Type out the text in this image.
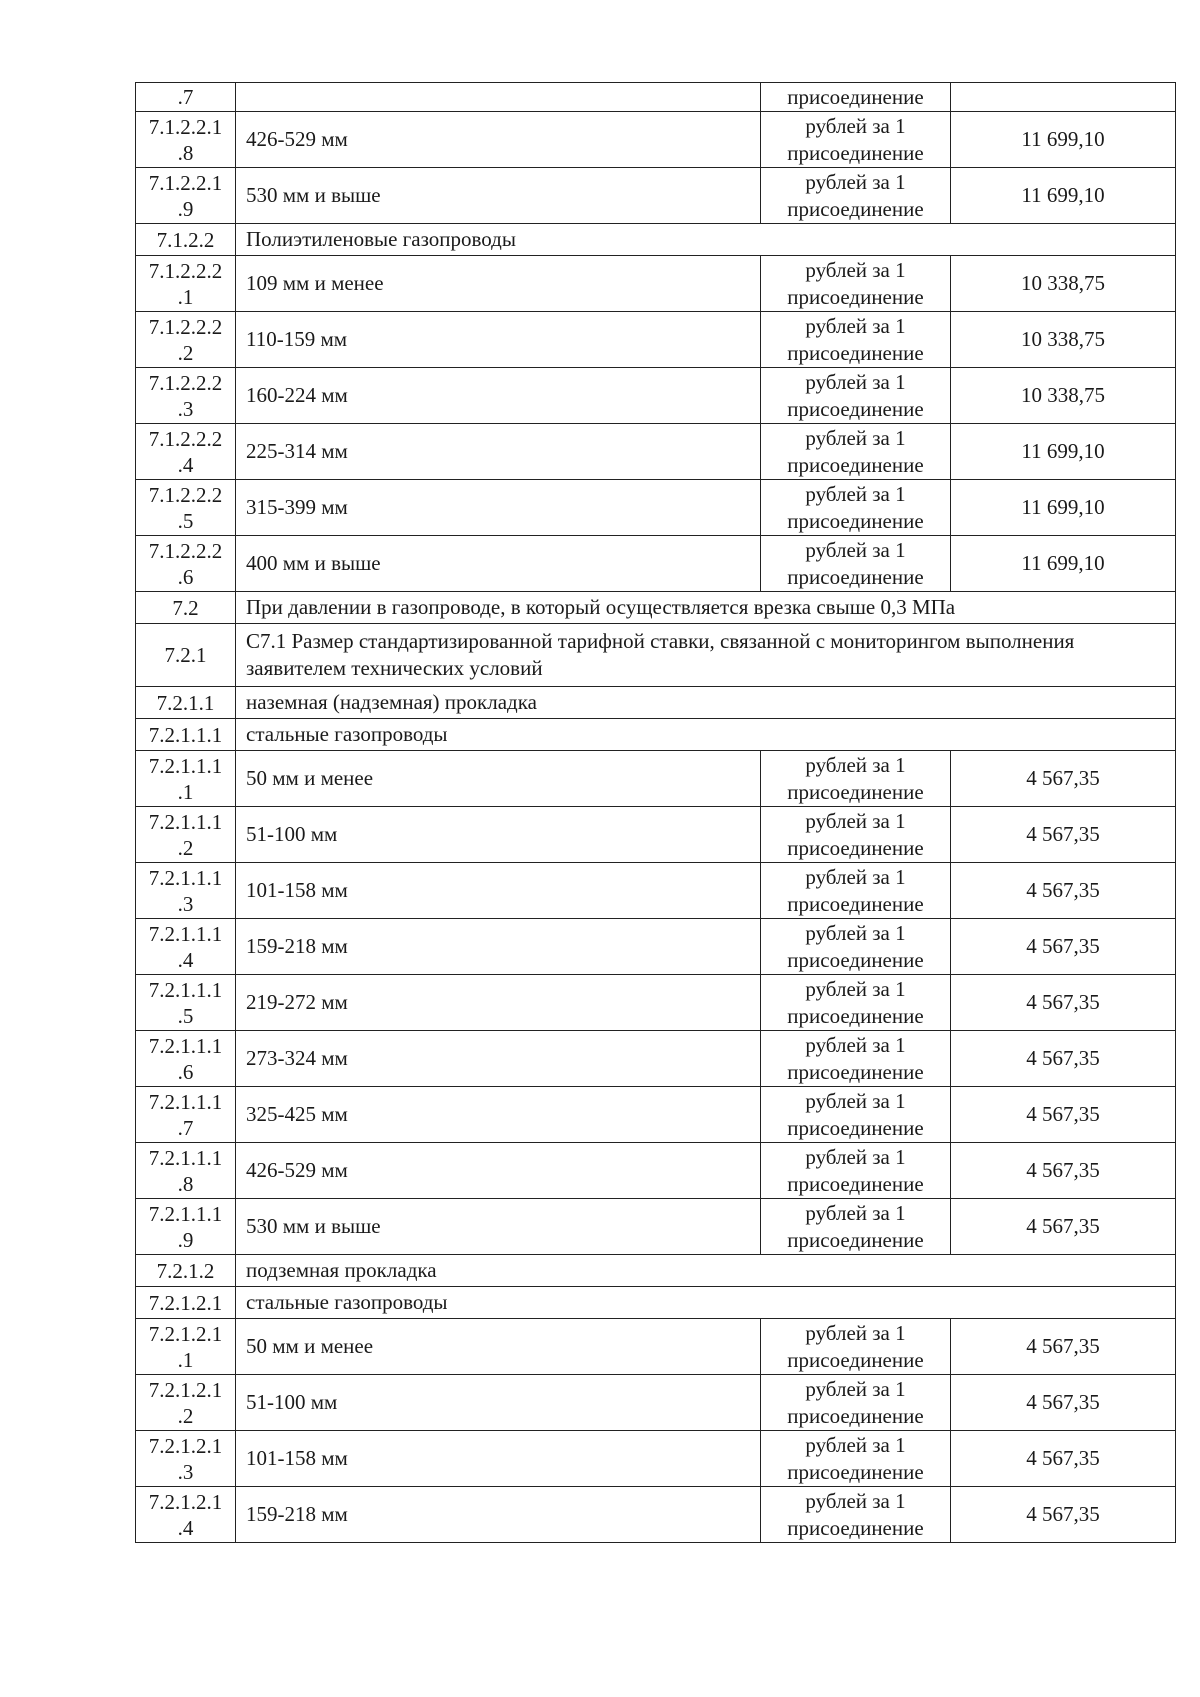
.7		присоединение	
7.1.2.2.1
.8	426-529 мм	рублей за 1
присоединение	11 699,10
7.1.2.2.1
.9	530 мм и выше	рублей за 1
присоединение	11 699,10
7.1.2.2	Полиэтиленовые газопроводы		
7.1.2.2.2
.1	109 мм и менее	рублей за 1
присоединение	10 338,75
7.1.2.2.2
.2	110-159 мм	рублей за 1
присоединение	10 338,75
7.1.2.2.2
.3	160-224 мм	рублей за 1
присоединение	10 338,75
7.1.2.2.2
.4	225-314 мм	рублей за 1
присоединение	11 699,10
7.1.2.2.2
.5	315-399 мм	рублей за 1
присоединение	11 699,10
7.1.2.2.2
.6	400 мм и выше	рублей за 1
присоединение	11 699,10
7.2	При давлении в газопроводе, в который осуществляется врезка свыше 0,3 МПа		
7.2.1	С7.1 Размер стандартизированной тарифной ставки, связанной с мониторингом выполнения заявителем технических условий		
7.2.1.1	наземная (надземная) прокладка		
7.2.1.1.1	стальные газопроводы		
7.2.1.1.1
.1	50 мм и менее	рублей за 1
присоединение	4 567,35
7.2.1.1.1
.2	51-100 мм	рублей за 1
присоединение	4 567,35
7.2.1.1.1
.3	101-158 мм	рублей за 1
присоединение	4 567,35
7.2.1.1.1
.4	159-218 мм	рублей за 1
присоединение	4 567,35
7.2.1.1.1
.5	219-272 мм	рублей за 1
присоединение	4 567,35
7.2.1.1.1
.6	273-324 мм	рублей за 1
присоединение	4 567,35
7.2.1.1.1
.7	325-425 мм	рублей за 1
присоединение	4 567,35
7.2.1.1.1
.8	426-529 мм	рублей за 1
присоединение	4 567,35
7.2.1.1.1
.9	530 мм и выше	рублей за 1
присоединение	4 567,35
7.2.1.2	подземная прокладка		
7.2.1.2.1	стальные газопроводы		
7.2.1.2.1
.1	50 мм и менее	рублей за 1
присоединение	4 567,35
7.2.1.2.1
.2	51-100 мм	рублей за 1
присоединение	4 567,35
7.2.1.2.1
.3	101-158 мм	рублей за 1
присоединение	4 567,35
7.2.1.2.1
.4	159-218 мм	рублей за 1
присоединение	4 567,35
